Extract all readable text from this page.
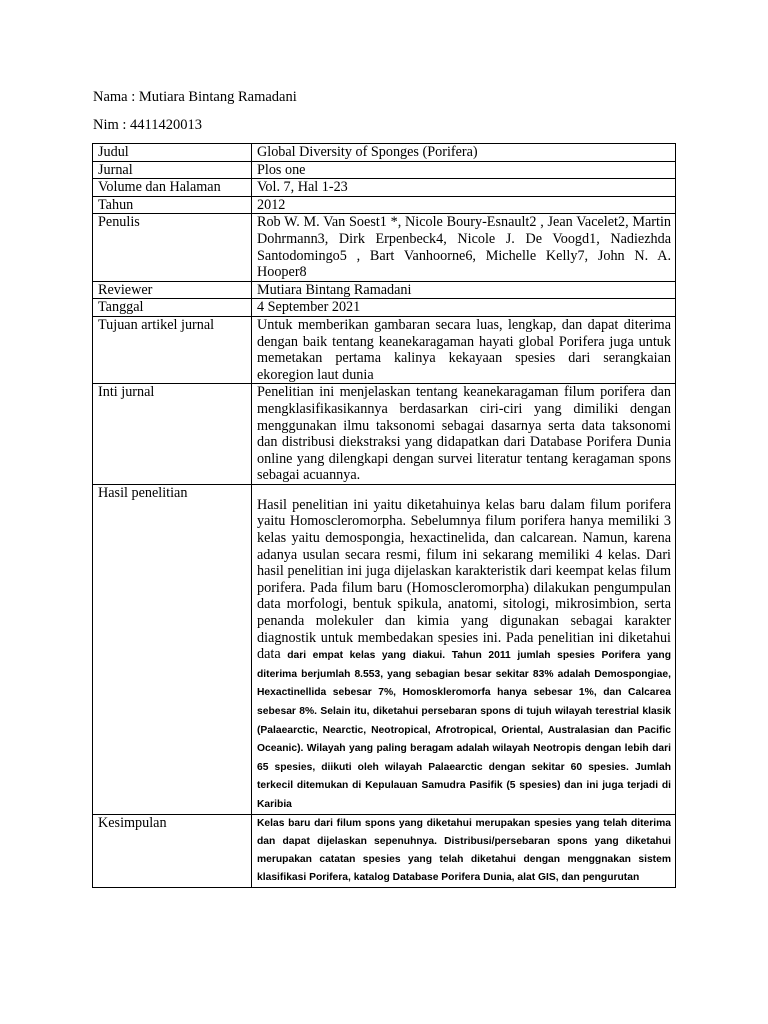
Nama : Mutiara Bintang Ramadani
Nim : 4411420013
Judul	Global Diversity of Sponges (Porifera)
Jurnal	Plos one
Volume dan Halaman	Vol. 7, Hal 1-23
Tahun	2012
Penulis	Rob W. M. Van Soest1 *, Nicole Boury-Esnault2 , Jean Vacelet2, Martin Dohrmann3, Dirk Erpenbeck4, Nicole J. De Voogd1, Nadiezhda Santodomingo5 , Bart Vanhoorne6, Michelle Kelly7, John N. A. Hooper8
Reviewer	Mutiara Bintang Ramadani
Tanggal	4 September 2021
Tujuan artikel jurnal	Untuk memberikan gambaran secara luas, lengkap, dan dapat diterima dengan baik tentang keanekaragaman hayati global Porifera juga untuk memetakan pertama kalinya kekayaan spesies dari serangkaian ekoregion laut dunia
Inti jurnal	Penelitian ini menjelaskan tentang keanekaragaman filum porifera dan mengklasifikasikannya berdasarkan ciri-ciri yang dimiliki dengan menggunakan ilmu taksonomi sebagai dasarnya serta data taksonomi dan distribusi diekstraksi yang didapatkan dari Database Porifera Dunia online yang dilengkapi dengan survei literatur tentang keragaman spons sebagai acuannya.
Hasil penelitian	Hasil penelitian ini yaitu diketahuinya kelas baru dalam filum porifera yaitu Homoscleromorpha. Sebelumnya filum porifera hanya memiliki 3 kelas yaitu demospongia, hexactinelida, dan calcarean. Namun, karena adanya usulan secara resmi, filum ini sekarang memiliki 4 kelas. Dari hasil penelitian ini juga dijelaskan karakteristik dari keempat kelas filum porifera. Pada filum baru (Homoscleromorpha) dilakukan pengumpulan data morfologi, bentuk spikula, anatomi, sitologi, mikrosimbion, serta penanda molekuler dan kimia yang digunakan sebagai karakter diagnostik untuk membedakan spesies ini. Pada penelitian ini diketahui data dari empat kelas yang diakui. Tahun 2011 jumlah spesies Porifera yang diterima berjumlah 8.553, yang sebagian besar sekitar 83% adalah Demospongiae, Hexactinellida sebesar 7%, Homoskleromorfa hanya sebesar 1%, dan Calcarea sebesar 8%. Selain itu, diketahui persebaran spons di tujuh wilayah terestrial klasik (Palaearctic, Nearctic, Neotropical, Afrotropical, Oriental, Australasian dan Pacific Oceanic). Wilayah yang paling beragam adalah wilayah Neotropis dengan lebih dari 65 spesies, diikuti oleh wilayah Palaearctic dengan sekitar 60 spesies. Jumlah terkecil ditemukan di Kepulauan Samudra Pasifik (5 spesies) dan ini juga terjadi di Karibia
Kesimpulan	Kelas baru dari filum spons yang diketahui merupakan spesies yang telah diterima dan dapat dijelaskan sepenuhnya. Distribusi/persebaran spons yang diketahui merupakan catatan spesies yang telah diketahui dengan menggnakan sistem klasifikasi Porifera, katalog Database Porifera Dunia, alat GIS, dan pengurutan
